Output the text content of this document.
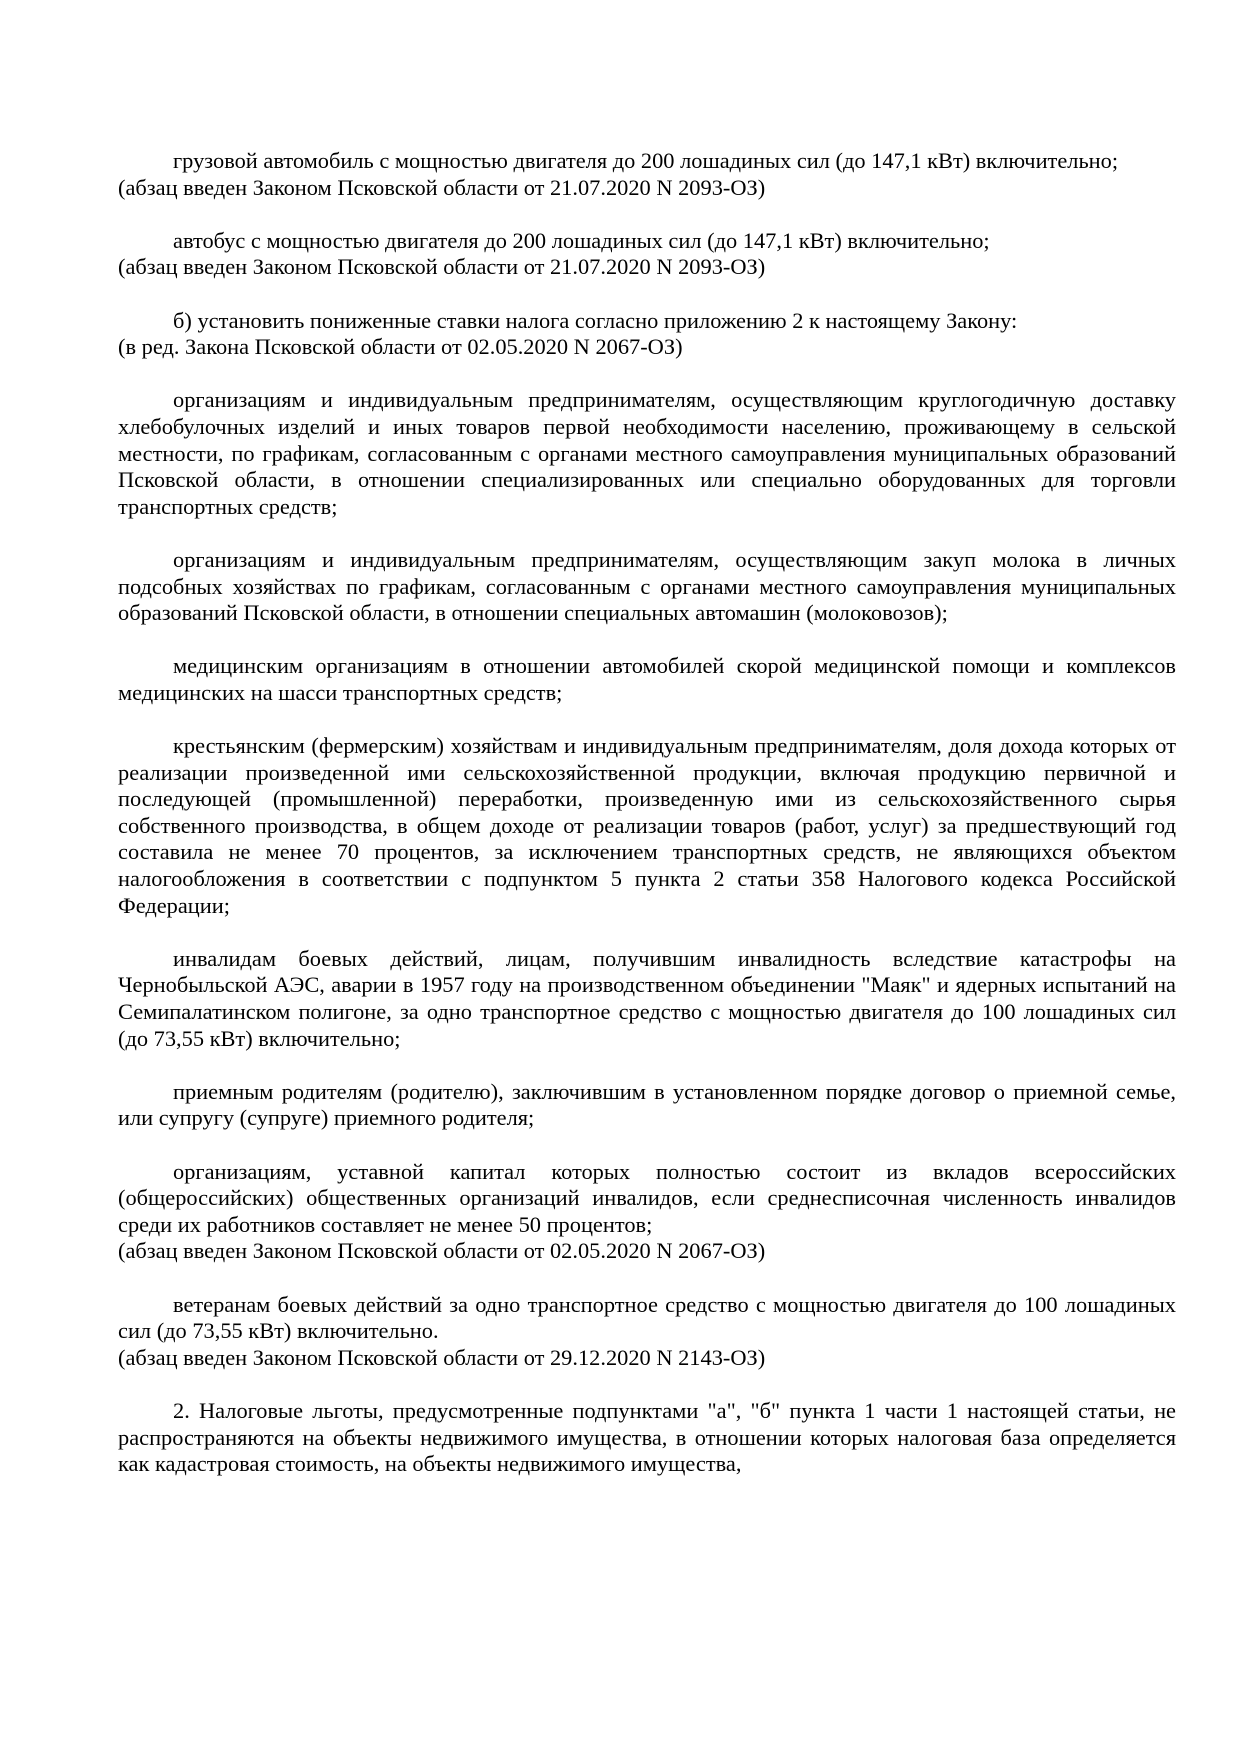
грузовой автомобиль с мощностью двигателя до 200 лошадиных сил (до 147,1 кВт) включительно;

(абзац введен Законом Псковской области от 21.07.2020 N 2093-ОЗ)

автобус с мощностью двигателя до 200 лошадиных сил (до 147,1 кВт) включительно;

(абзац введен Законом Псковской области от 21.07.2020 N 2093-ОЗ)

б) установить пониженные ставки налога согласно приложению 2 к настоящему Закону:

(в ред. Закона Псковской области от 02.05.2020 N 2067-ОЗ)

организациям и индивидуальным предпринимателям, осуществляющим круглогодичную доставку хлебобулочных изделий и иных товаров первой необходимости населению, проживающему в сельской местности, по графикам, согласованным с органами местного самоуправления муниципальных образований Псковской области, в отношении специализированных или специально оборудованных для торговли транспортных средств;

организациям и индивидуальным предпринимателям, осуществляющим закуп молока в личных подсобных хозяйствах по графикам, согласованным с органами местного самоуправления муниципальных образований Псковской области, в отношении специальных автомашин (молоковозов);

медицинским организациям в отношении автомобилей скорой медицинской помощи и комплексов медицинских на шасси транспортных средств;

крестьянским (фермерским) хозяйствам и индивидуальным предпринимателям, доля дохода которых от реализации произведенной ими сельскохозяйственной продукции, включая продукцию первичной и последующей (промышленной) переработки, произведенную ими из сельскохозяйственного сырья собственного производства, в общем доходе от реализации товаров (работ, услуг) за предшествующий год составила не менее 70 процентов, за исключением транспортных средств, не являющихся объектом налогообложения в соответствии с подпунктом 5 пункта 2 статьи 358 Налогового кодекса Российской Федерации;

инвалидам боевых действий, лицам, получившим инвалидность вследствие катастрофы на Чернобыльской АЭС, аварии в 1957 году на производственном объединении "Маяк" и ядерных испытаний на Семипалатинском полигоне, за одно транспортное средство с мощностью двигателя до 100 лошадиных сил (до 73,55 кВт) включительно;

приемным родителям (родителю), заключившим в установленном порядке договор о приемной семье, или супругу (супруге) приемного родителя;

организациям, уставной капитал которых полностью состоит из вкладов всероссийских (общероссийских) общественных организаций инвалидов, если среднесписочная численность инвалидов среди их работников составляет не менее 50 процентов;

(абзац введен Законом Псковской области от 02.05.2020 N 2067-ОЗ)

ветеранам боевых действий за одно транспортное средство с мощностью двигателя до 100 лошадиных сил (до 73,55 кВт) включительно.

(абзац введен Законом Псковской области от 29.12.2020 N 2143-ОЗ)

2. Налоговые льготы, предусмотренные подпунктами "а", "б" пункта 1 части 1 настоящей статьи, не распространяются на объекты недвижимого имущества, в отношении которых налоговая база определяется как кадастровая стоимость, на объекты недвижимого имущества,
